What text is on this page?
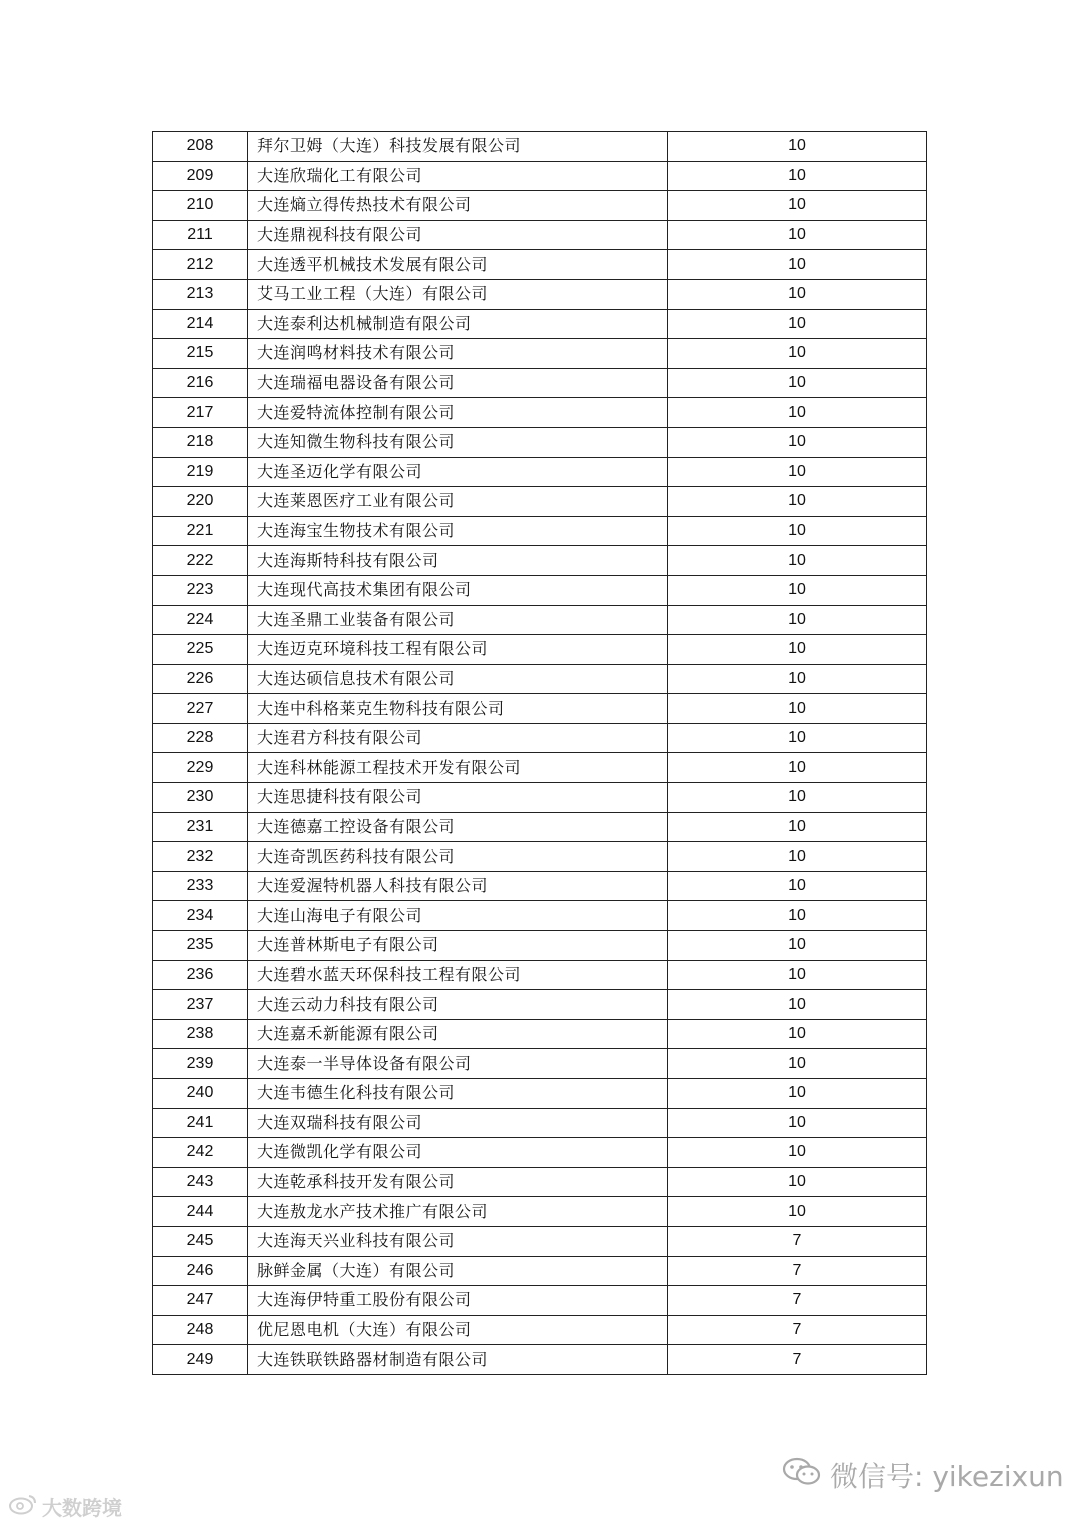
208	拜尔卫姆（大连）科技发展有限公司	10
209	大连欣瑞化工有限公司	10
210	大连熵立得传热技术有限公司	10
211	大连鼎视科技有限公司	10
212	大连透平机械技术发展有限公司	10
213	艾马工业工程（大连）有限公司	10
214	大连泰利达机械制造有限公司	10
215	大连润鸣材料技术有限公司	10
216	大连瑞福电器设备有限公司	10
217	大连爱特流体控制有限公司	10
218	大连知微生物科技有限公司	10
219	大连圣迈化学有限公司	10
220	大连莱恩医疗工业有限公司	10
221	大连海宝生物技术有限公司	10
222	大连海斯特科技有限公司	10
223	大连现代高技术集团有限公司	10
224	大连圣鼎工业装备有限公司	10
225	大连迈克环境科技工程有限公司	10
226	大连达硕信息技术有限公司	10
227	大连中科格莱克生物科技有限公司	10
228	大连君方科技有限公司	10
229	大连科林能源工程技术开发有限公司	10
230	大连思捷科技有限公司	10
231	大连德嘉工控设备有限公司	10
232	大连奇凯医药科技有限公司	10
233	大连爱渥特机器人科技有限公司	10
234	大连山海电子有限公司	10
235	大连普林斯电子有限公司	10
236	大连碧水蓝天环保科技工程有限公司	10
237	大连云动力科技有限公司	10
238	大连嘉禾新能源有限公司	10
239	大连泰一半导体设备有限公司	10
240	大连韦德生化科技有限公司	10
241	大连双瑞科技有限公司	10
242	大连微凯化学有限公司	10
243	大连乾承科技开发有限公司	10
244	大连敖龙水产技术推广有限公司	10
245	大连海天兴业科技有限公司	7
246	脉鲜金属（大连）有限公司	7
247	大连海伊特重工股份有限公司	7
248	优尼恩电机（大连）有限公司	7
249	大连铁联铁路器材制造有限公司	7
大数跨境
微信号: yikezixun
